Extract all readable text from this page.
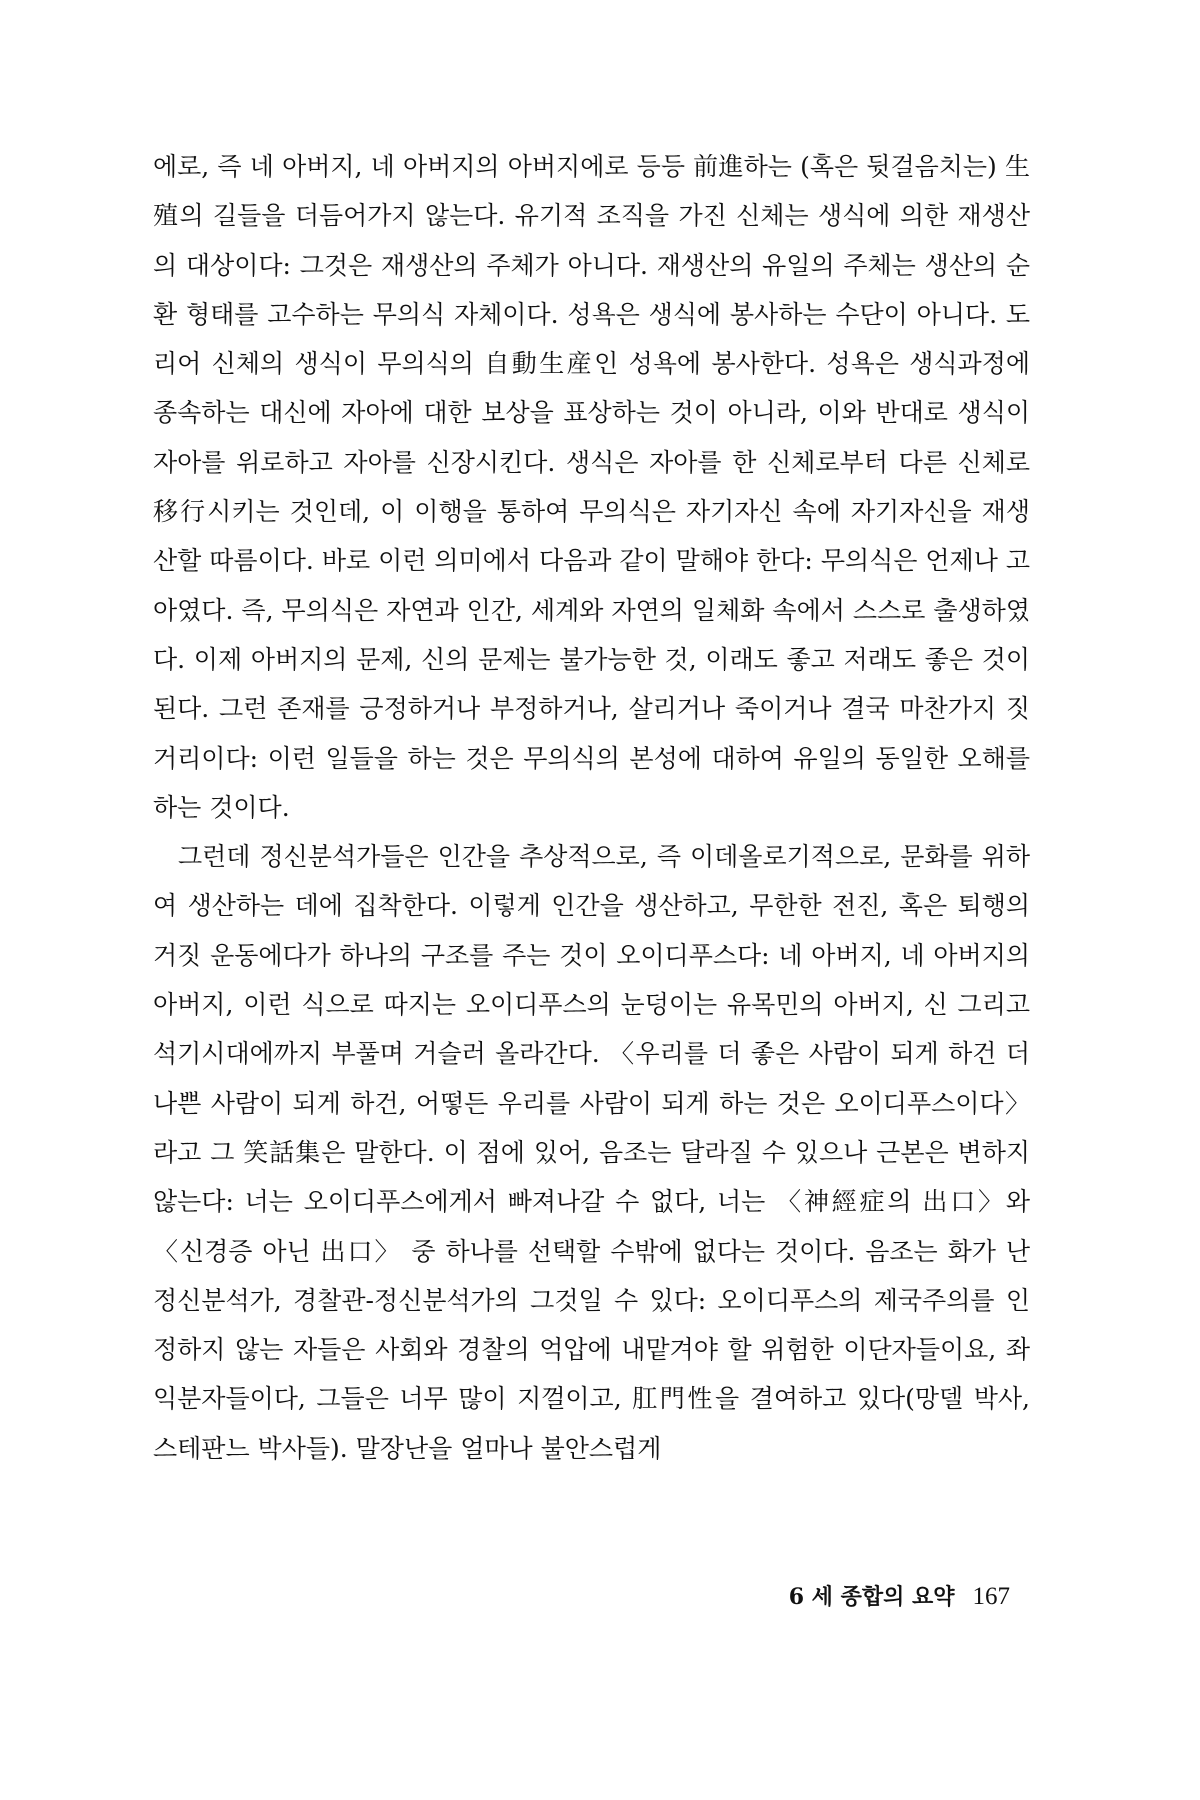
에로, 즉 네 아버지, 네 아버지의 아버지에로 등등 前進하는 (혹은 뒷걸음치는) 生殖의 길들을 더듬어가지 않는다. 유기적 조직을 가진 신체는 생식에 의한 재생산의 대상이다: 그것은 재생산의 주체가 아니다. 재생산의 유일의 주체는 생산의 순환 형태를 고수하는 무의식 자체이다. 성욕은 생식에 봉사하는 수단이 아니다. 도리어 신체의 생식이 무의식의 自動生産인 성욕에 봉사한다. 성욕은 생식과정에 종속하는 대신에 자아에 대한 보상을 표상하는 것이 아니라, 이와 반대로 생식이 자아를 위로하고 자아를 신장시킨다. 생식은 자아를 한 신체로부터 다른 신체로 移行시키는 것인데, 이 이행을 통하여 무의식은 자기자신 속에 자기자신을 재생산할 따름이다. 바로 이런 의미에서 다음과 같이 말해야 한다: 무의식은 언제나 고아였다. 즉, 무의식은 자연과 인간, 세계와 자연의 일체화 속에서 스스로 출생하였다. 이제 아버지의 문제, 신의 문제는 불가능한 것, 이래도 좋고 저래도 좋은 것이 된다. 그런 존재를 긍정하거나 부정하거나, 살리거나 죽이거나 결국 마찬가지 짓거리이다: 이런 일들을 하는 것은 무의식의 본성에 대하여 유일의 동일한 오해를 하는 것이다.

그런데 정신분석가들은 인간을 추상적으로, 즉 이데올로기적으로, 문화를 위하여 생산하는 데에 집착한다. 이렇게 인간을 생산하고, 무한한 전진, 혹은 퇴행의 거짓 운동에다가 하나의 구조를 주는 것이 오이디푸스다: 네 아버지, 네 아버지의 아버지, 이런 식으로 따지는 오이디푸스의 눈덩이는 유목민의 아버지, 신 그리고 석기시대에까지 부풀며 거슬러 올라간다. 〈우리를 더 좋은 사람이 되게 하건 더 나쁜 사람이 되게 하건, 어떻든 우리를 사람이 되게 하는 것은 오이디푸스이다〉라고 그 笑話集은 말한다. 이 점에 있어, 음조는 달라질 수 있으나 근본은 변하지 않는다: 너는 오이디푸스에게서 빠져나갈 수 없다, 너는 〈神經症의 出口〉와 〈신경증 아닌 出口〉 중 하나를 선택할 수밖에 없다는 것이다. 음조는 화가 난 정신분석가, 경찰관-정신분석가의 그것일 수 있다: 오이디푸스의 제국주의를 인정하지 않는 자들은 사회와 경찰의 억압에 내맡겨야 할 위험한 이단자들이요, 좌익분자들이다, 그들은 너무 많이 지껄이고, 肛門性을 결여하고 있다(망델 박사, 스테판느 박사들). 말장난을 얼마나 불안스럽게

6 세 종합의 요약 167
